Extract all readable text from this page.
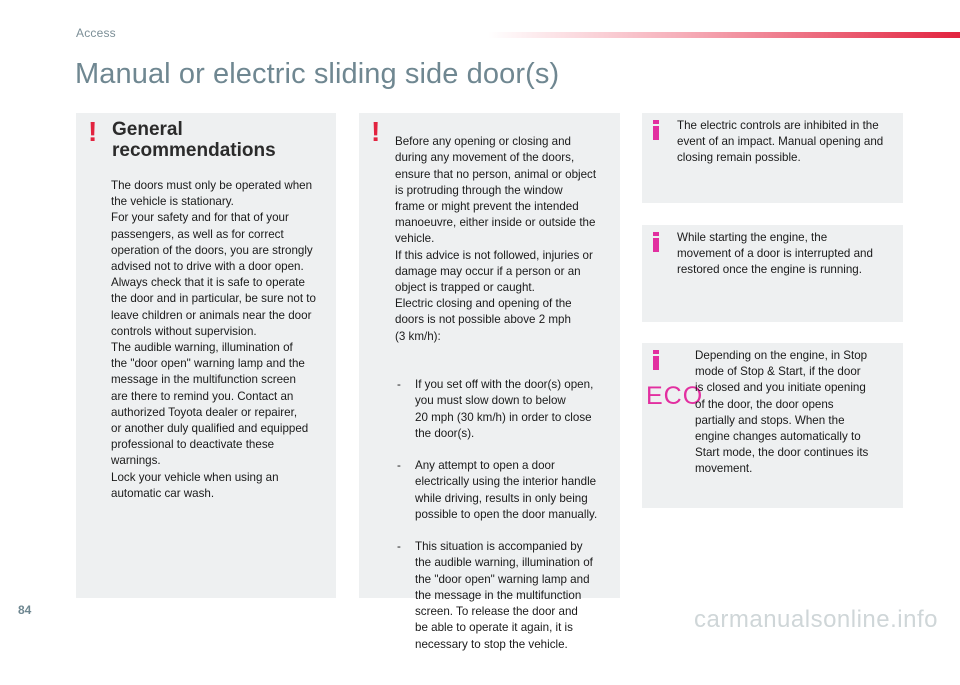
Access
Manual or electric sliding side door(s)
! General
recommendations
The doors must only be operated when
the vehicle is stationary.
For your safety and for that of your
passengers, as well as for correct
operation of the doors, you are strongly
advised not to drive with a door open.
Always check that it is safe to operate
the door and in particular, be sure not to
leave children or animals near the door
controls without supervision.
The audible warning, illumination of
the "door open" warning lamp and the
message in the multifunction screen
are there to remind you. Contact an
authorized Toyota dealer or repairer,
or another duly qualified and equipped
professional to deactivate these
warnings.
Lock your vehicle when using an
automatic car wash.
! Before any opening or closing and
during any movement of the doors,
ensure that no person, animal or object
is protruding through the window
frame or might prevent the intended
manoeuvre, either inside or outside the
vehicle.
If this advice is not followed, injuries or
damage may occur if a person or an
object is trapped or caught.
Electric closing and opening of the
doors is not possible above 2 mph
(3 km/h):

- If you set off with the door(s) open,
you must slow down to below
20 mph (30 km/h) in order to close
the door(s).

- Any attempt to open a door
electrically using the interior handle
while driving, results in only being
possible to open the door manually.

- This situation is accompanied by
the audible warning, illumination of
the "door open" warning lamp and
the message in the multifunction
screen. To release the door and
be able to operate it again, it is
necessary to stop the vehicle.

The electric controls are inhibited in the
event of an impact. Manual opening and
closing remain possible.
While starting the engine, the
movement of a door is interrupted and
restored once the engine is running.
ECO
Depending on the engine, in Stop
mode of Stop & Start, if the door
is closed and you initiate opening
of the door, the door opens
partially and stops. When the
engine changes automatically to
Start mode, the door continues its
movement.
84	carmanualsonline.info
